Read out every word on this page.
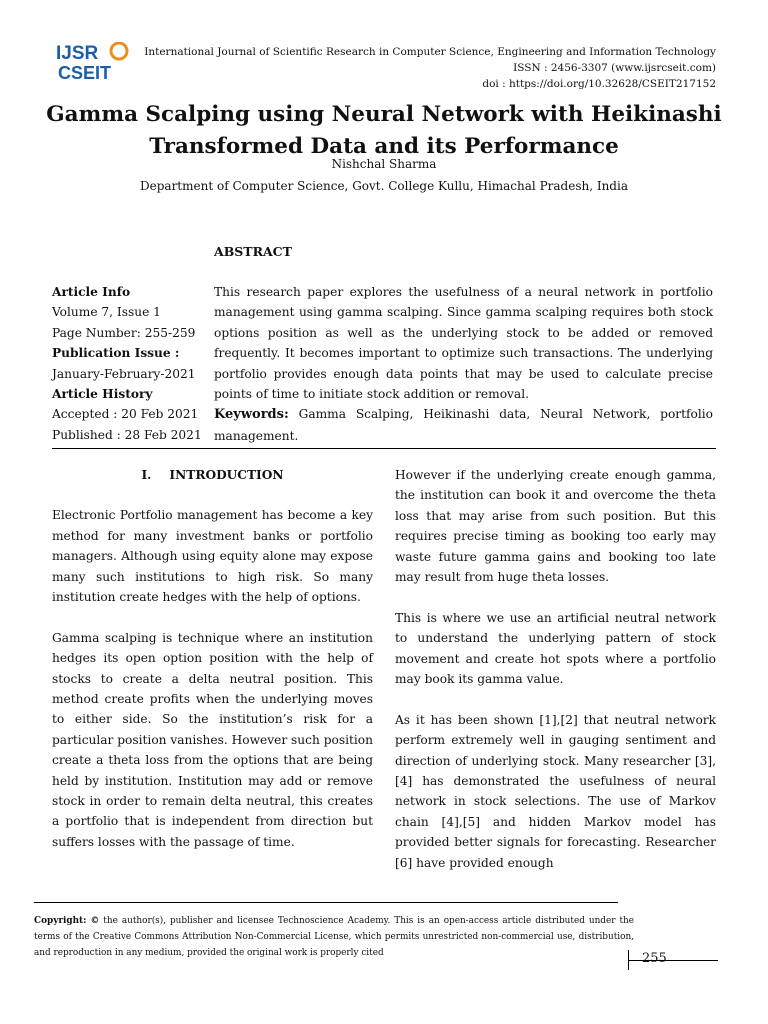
IJSR
CSEIT
International Journal of Scientific Research in Computer Science, Engineering and Information Technology
ISSN : 2456-3307 (www.ijsrcseit.com)
doi : https://doi.org/10.32628/CSEIT217152
Gamma Scalping using Neural Network with Heikinashi
Transformed Data and its Performance
Nishchal Sharma
Department of Computer Science, Govt. College Kullu, Himachal Pradesh, India
ABSTRACT
Article Info
Volume 7, Issue 1
Page Number: 255-259
Publication Issue :
January-February-2021
Article History
Accepted : 20 Feb 2021
Published : 28 Feb 2021
This research paper explores the usefulness of a neural network in portfolio management using gamma scalping. Since gamma scalping requires both stock options position as well as the underlying stock to be added or removed frequently. It becomes important to optimize such transactions. The underlying portfolio provides enough data points that may be used to calculate precise points of time to initiate stock addition or removal.
Keywords: Gamma Scalping, Heikinashi data, Neural Network, portfolio management.
I. INTRODUCTION

Electronic Portfolio management has become a key method for many investment banks or portfolio managers. Although using equity alone may expose many such institutions to high risk. So many institution create hedges with the help of options.

Gamma scalping is technique where an institution hedges its open option position with the help of stocks to create a delta neutral position. This method create profits when the underlying moves to either side. So the institution’s risk for a particular position vanishes. However such position create a theta loss from the options that are being held by institution. Institution may add or remove stock in order to remain delta neutral, this creates a portfolio that is independent from direction but suffers losses with the passage of time.

However if the underlying create enough gamma, the institution can book it and overcome the theta loss that may arise from such position. But this requires precise timing as booking too early may waste future gamma gains and booking too late may result from huge theta losses.

This is where we use an artificial neutral network to understand the underlying pattern of stock movement and create hot spots where a portfolio may book its gamma value.

As it has been shown [1],[2] that neutral network perform extremely well in gauging sentiment and direction of underlying stock. Many researcher [3],[4] has demonstrated the usefulness of neural network in stock selections. The use of Markov chain [4],[5] and hidden Markov model has provided better signals for forecasting. Researcher [6] have provided enough

Copyright: © the author(s), publisher and licensee Technoscience Academy. This is an open-access article distributed under the terms of the Creative Commons Attribution Non-Commercial License, which permits unrestricted non-commercial use, distribution, and reproduction in any medium, provided the original work is properly cited	255
